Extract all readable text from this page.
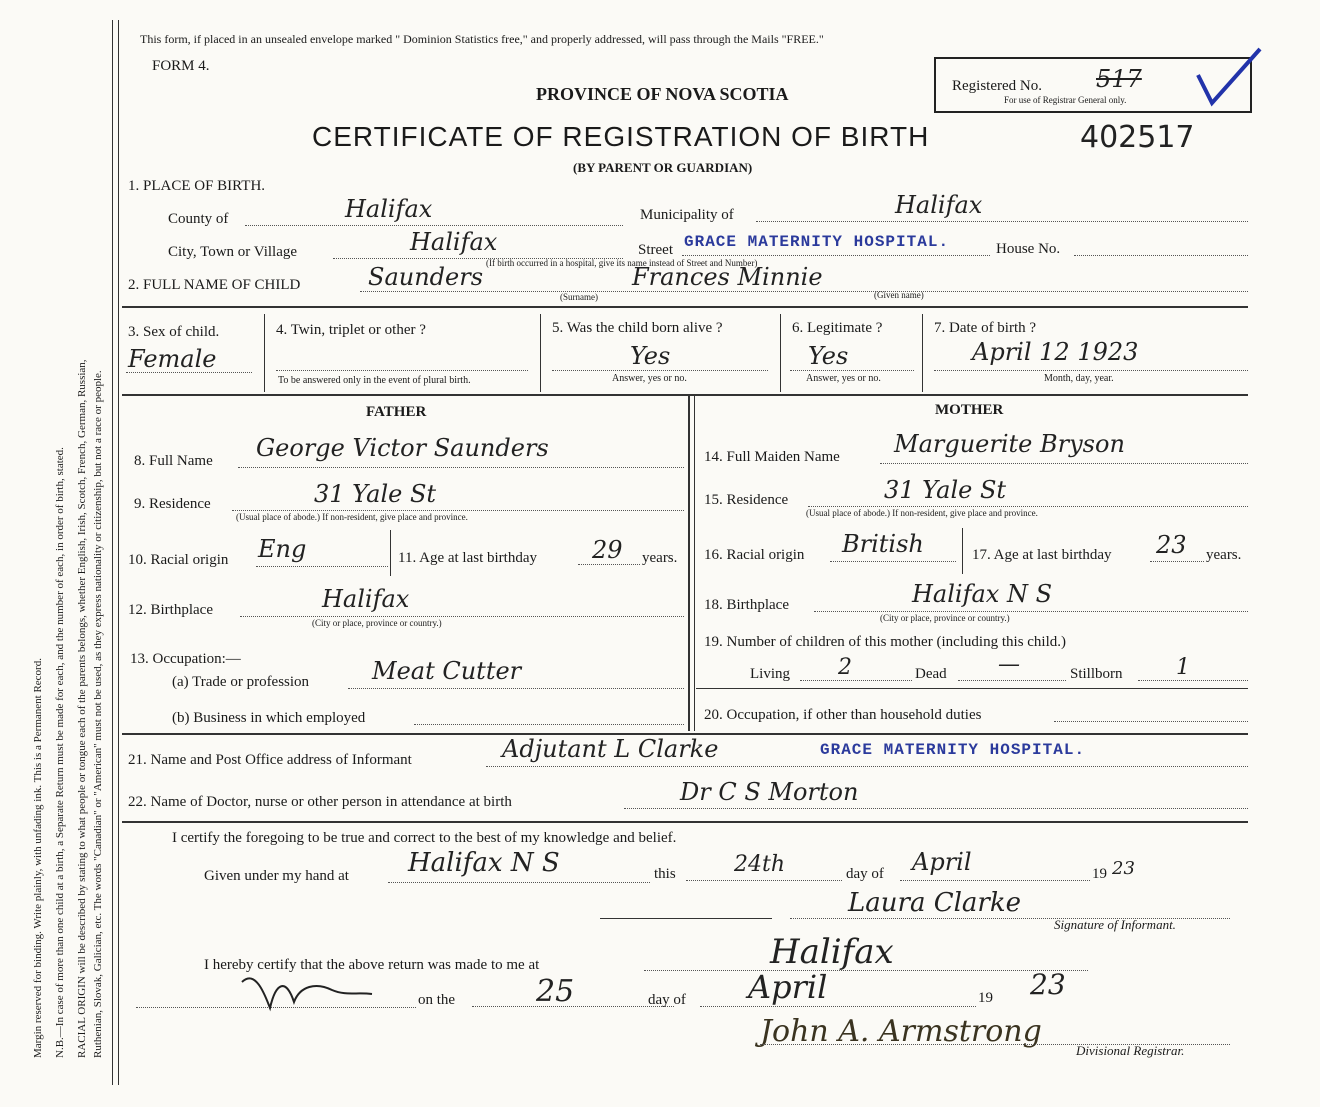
Margin reserved for binding. Write plainly, with unfading ink. This is a Permanent Record. N.B.—In case of more than one child at a birth, a Separate Return must be made for each, and the number of each, in order of birth, stated. RACIAL ORIGIN will be described by stating to what people or tongue each of the parents belongs, whether English, Irish, Scotch, French, German, Russian, Ruthenian, Slovak, Galician, etc. The words "Canadian" or "American" must not be used, as they express nationality or citizenship, but not a race or people.
This form, if placed in an unsealed envelope marked " Dominion Statistics free," and properly addressed, will pass through the Mails "FREE."
FORM 4.
PROVINCE OF NOVA SCOTIA
CERTIFICATE OF REGISTRATION OF BIRTH	402517
(BY PARENT OR GUARDIAN)
Registered No. 517
For use of Registrar General only.
1. PLACE OF BIRTH.
County of	Halifax	Municipality of	Halifax
City, Town or Village	Halifax	Street GRACE MATERNITY HOSPITAL.
(If birth occurred in a hospital, give its name instead of Street and Number)
House No.
2. FULL NAME OF CHILD	Saunders	Frances Minnie
(Surname)	(Given name)
3. Sex of child.
Female
4. Twin, triplet or other ?
To be answered only in the event of plural birth.
5. Was the child born alive ?
Yes
Answer, yes or no.
6. Legitimate ?
Yes
Answer, yes or no.
7. Date of birth ?
April 12 1923
Month, day, year.
FATHER	MOTHER
8. Full Name George Victor Saunders
9. Residence	31 Yale St
(Usual place of abode.) If non-resident, give place and province.
10. Racial origin Eng	11. Age at last birthday 29 years.
12. Birthplace	Halifax
(City or place, province or country.)
13. Occupation:—
(a) Trade or profession	Meat Cutter
(b) Business in which employed
14. Full Maiden Name Marguerite Bryson
15. Residence	31 Yale St
(Usual place of abode.) If non-resident, give place and province.
16. Racial origin British	17. Age at last birthday 23 years.
18. Birthplace	Halifax N S
(City or place, province or country.)
19. Number of children of this mother (including this child.)
Living 2	Dead —	Stillborn 1
20. Occupation, if other than household duties
21. Name and Post Office address of Informant	Adjutant L Clarke	GRACE MATERNITY HOSPITAL.
22. Name of Doctor, nurse or other person in attendance at birth	Dr C S Morton
I certify the foregoing to be true and correct to the best of my knowledge and belief.
Given under my hand at Halifax N S	this	24th	day of April	19 23
Laura Clarke
Signature of Informant.
I hereby certify that the above return was made to me at	Halifax
on the	25	day of April	19 23
John A. Armstrong
Divisional Registrar.
